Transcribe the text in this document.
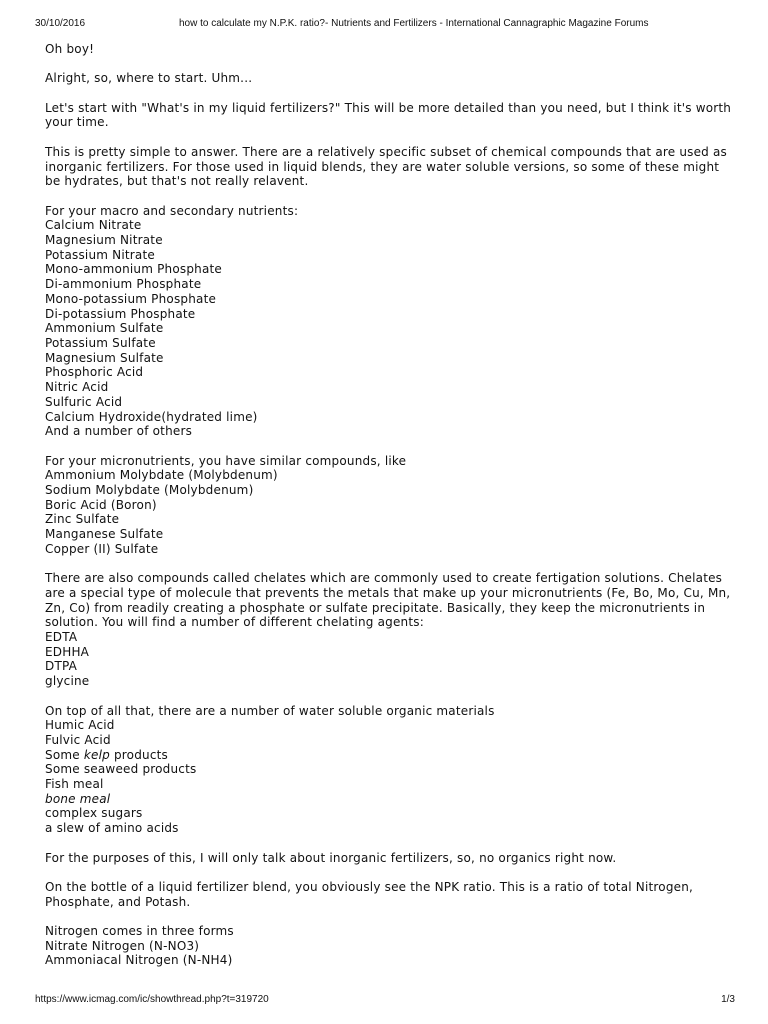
30/10/2016	how to calculate my N.P.K. ratio?- Nutrients and Fertilizers - International Cannagraphic Magazine Forums

Oh boy!

Alright, so, where to start. Uhm...

Let's start with "What's in my liquid fertilizers?" This will be more detailed than you need, but I think it's worth your time.

This is pretty simple to answer. There are a relatively specific subset of chemical compounds that are used as inorganic fertilizers. For those used in liquid blends, they are water soluble versions, so some of these might be hydrates, but that's not really relavent.

For your macro and secondary nutrients:
Calcium Nitrate
Magnesium Nitrate
Potassium Nitrate
Mono-ammonium Phosphate
Di-ammonium Phosphate
Mono-potassium Phosphate
Di-potassium Phosphate
Ammonium Sulfate
Potassium Sulfate
Magnesium Sulfate
Phosphoric Acid
Nitric Acid
Sulfuric Acid
Calcium Hydroxide(hydrated lime)
And a number of others

For your micronutrients, you have similar compounds, like
Ammonium Molybdate (Molybdenum)
Sodium Molybdate (Molybdenum)
Boric Acid (Boron)
Zinc Sulfate
Manganese Sulfate
Copper (II) Sulfate

There are also compounds called chelates which are commonly used to create fertigation solutions. Chelates are a special type of molecule that prevents the metals that make up your micronutrients (Fe, Bo, Mo, Cu, Mn, Zn, Co) from readily creating a phosphate or sulfate precipitate. Basically, they keep the micronutrients in solution. You will find a number of different chelating agents:
EDTA
EDHHA
DTPA
glycine

On top of all that, there are a number of water soluble organic materials
Humic Acid
Fulvic Acid
Some kelp products
Some seaweed products
Fish meal
bone meal
complex sugars
a slew of amino acids

For the purposes of this, I will only talk about inorganic fertilizers, so, no organics right now.

On the bottle of a liquid fertilizer blend, you obviously see the NPK ratio. This is a ratio of total Nitrogen, Phosphate, and Potash.

Nitrogen comes in three forms
Nitrate Nitrogen (N-NO3)
Ammoniacal Nitrogen (N-NH4)

https://www.icmag.com/ic/showthread.php?t=319720	1/3
